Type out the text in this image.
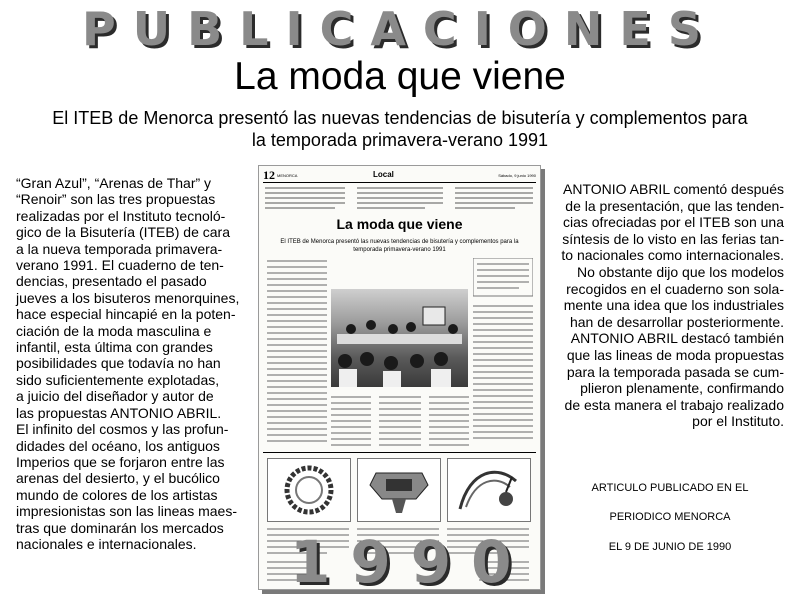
PUBLICACIONES
La moda que viene
El ITEB de Menorca presentó las nuevas tendencias de bisutería y complementos para
la temporada primavera-verano 1991
“Gran Azul”, “Arenas de Thar” y
“Renoir” son las tres propuestas
realizadas por el Instituto tecnoló-
gico de la Bisutería (ITEB) de cara
a la nueva temporada primavera-
verano 1991. El cuaderno de ten-
dencias, presentado el pasado
jueves a los bisuteros menorquines,
hace especial hincapié en la poten-
ciación de la moda masculina e
infantil, esta última con grandes
posibilidades que todavía no han
sido suficientemente explotadas,
a juicio del diseñador y autor de
las propuestas ANTONIO ABRIL.
El infinito del cosmos y las profun-
didades del océano, los antiguos
Imperios que se forjaron entre las
arenas del desierto, y el bucólico
mundo de colores de los artistas
impresionistas son las lineas maes-
tras que dominarán los mercados
nacionales e internacionales.
ANTONIO ABRIL comentó después
de la presentación, que las tenden-
cias ofreciadas por el ITEB son una
síntesis de lo visto en las ferias tan-
to nacionales como internacionales.
No obstante dijo que los modelos
recogidos en el cuaderno son sola-
mente una idea que los industriales
han de desarrollar posteriormente.
ANTONIO ABRIL destacó también
que las lineas de moda propuestas
para la temporada pasada se cum-
plieron plenamente, confirmando
de esta manera el trabajo realizado
por el Instituto.
ARTICULO PUBLICADO EN EL
PERIODICO MENORCA
EL 9 DE JUNIO DE 1990
12 MENORCA	Local	Sábado, 9 junio 1990
La moda que viene
El ITEB de Menorca presentó las nuevas tendencias de bisutería y complementos para la temporada primavera-verano 1991
1990
